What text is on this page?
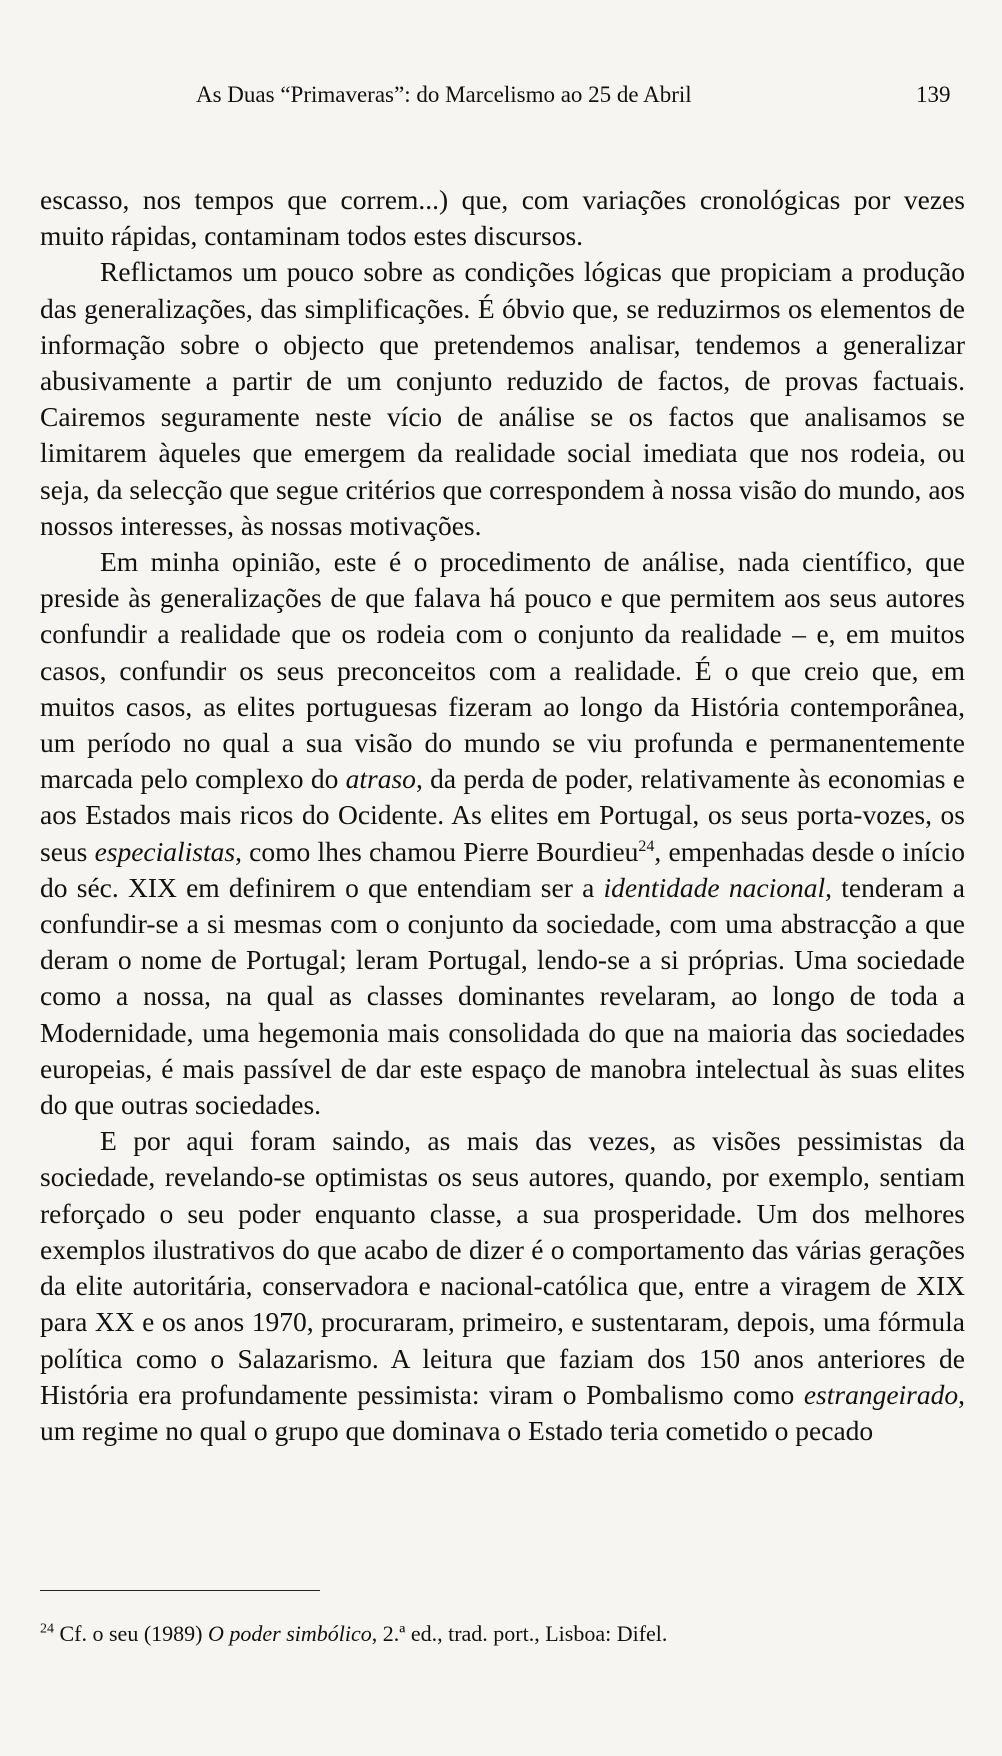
As Duas “Primaveras”: do Marcelismo ao 25 de Abril	139

escasso, nos tempos que correm...) que, com variações cronológicas por vezes muito rápidas, contaminam todos estes discursos.

Reflictamos um pouco sobre as condições lógicas que propiciam a produção das generalizações, das simplificações. É óbvio que, se reduzirmos os elementos de informação sobre o objecto que pretendemos analisar, tendemos a generalizar abusivamente a partir de um conjunto reduzido de factos, de provas factuais. Cairemos seguramente neste vício de análise se os factos que analisamos se limitarem àqueles que emergem da realidade social imediata que nos rodeia, ou seja, da selecção que segue critérios que correspondem à nossa visão do mundo, aos nossos interesses, às nossas motivações.

Em minha opinião, este é o procedimento de análise, nada científico, que preside às generalizações de que falava há pouco e que permitem aos seus autores confundir a realidade que os rodeia com o conjunto da realidade – e, em muitos casos, confundir os seus preconceitos com a realidade. É o que creio que, em muitos casos, as elites portuguesas fizeram ao longo da História contemporânea, um período no qual a sua visão do mundo se viu profunda e permanentemente marcada pelo complexo do atraso, da perda de poder, relativamente às economias e aos Estados mais ricos do Ocidente. As elites em Portugal, os seus porta-vozes, os seus especialistas, como lhes chamou Pierre Bourdieu$^{24}$, empenhadas desde o início do séc. XIX em definirem o que entendiam ser a identidade nacional, tenderam a confundir-se a si mesmas com o conjunto da sociedade, com uma abstracção a que deram o nome de Portugal; leram Portugal, lendo-se a si próprias. Uma sociedade como a nossa, na qual as classes dominantes revelaram, ao longo de toda a Modernidade, uma hegemonia mais consolidada do que na maioria das sociedades europeias, é mais passível de dar este espaço de manobra intelectual às suas elites do que outras sociedades.

E por aqui foram saindo, as mais das vezes, as visões pessimistas da sociedade, revelando-se optimistas os seus autores, quando, por exemplo, sentiam reforçado o seu poder enquanto classe, a sua prosperidade. Um dos melhores exemplos ilustrativos do que acabo de dizer é o comportamento das várias gerações da elite autoritária, conservadora e nacional-católica que, entre a viragem de XIX para XX e os anos 1970, procuraram, primeiro, e sustentaram, depois, uma fórmula política como o Salazarismo. A leitura que faziam dos 150 anos anteriores de História era profundamente pessimista: viram o Pombalismo como estrangeirado, um regime no qual o grupo que dominava o Estado teria cometido o pecado

$^{24}$ Cf. o seu (1989) O poder simbólico, 2.ª ed., trad. port., Lisboa: Difel.
